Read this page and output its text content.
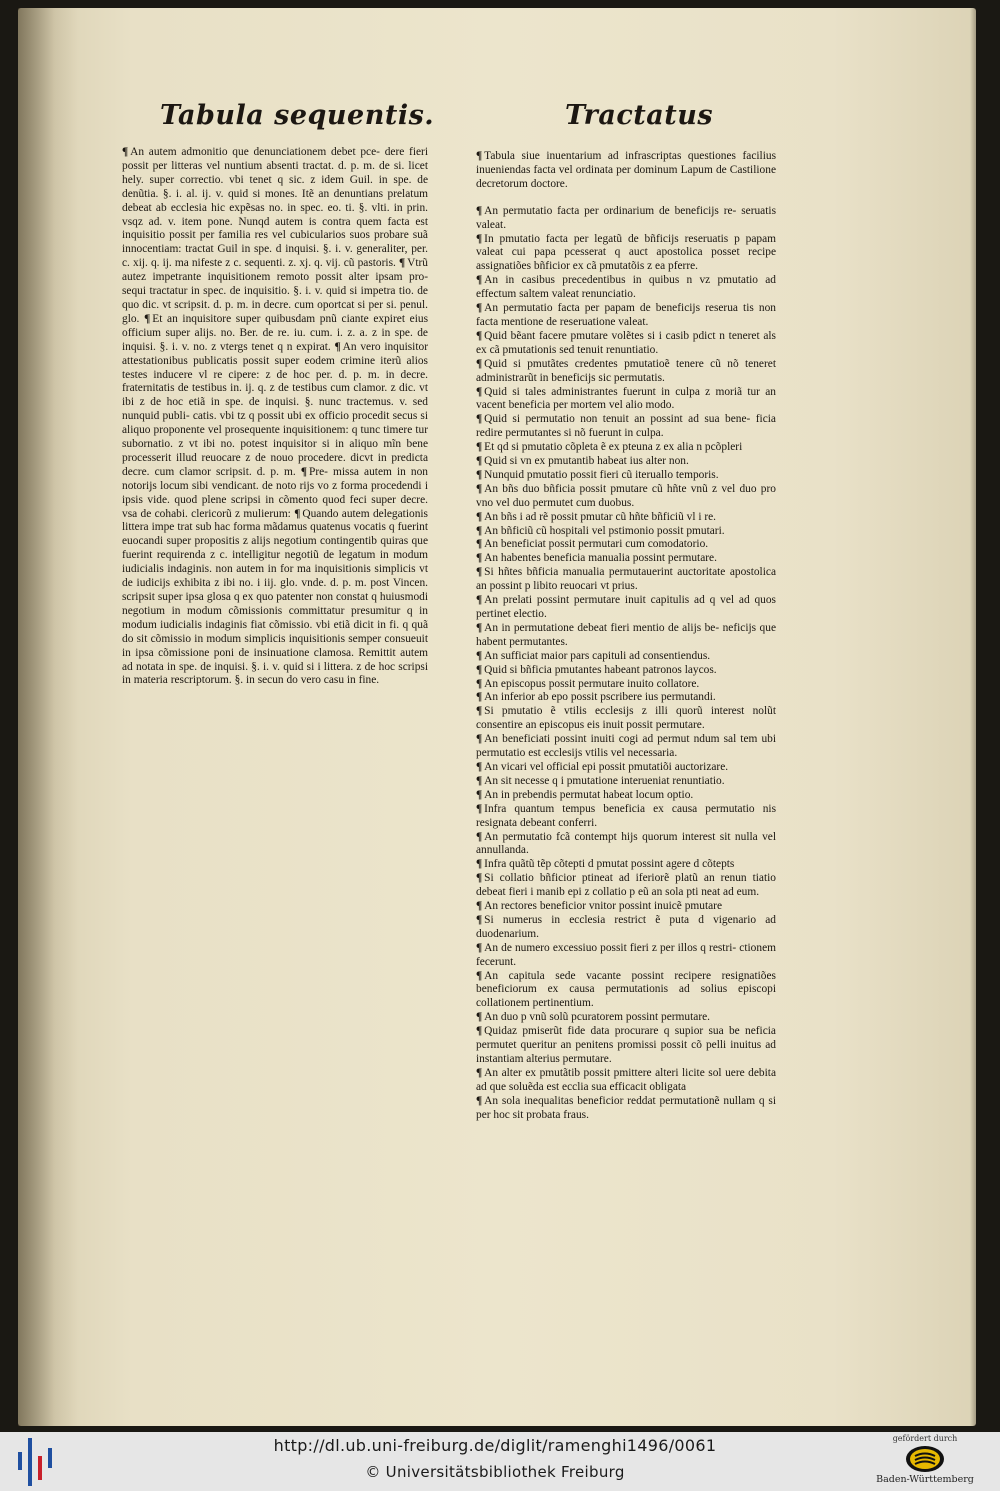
Tabula sequentis.	Tractatus

¶ An autem admonitio que denunciationem debet pce- dere fieri possit per litteras vel nuntium absenti tractat. d. p. m. de si. licet hely. super correctio. vbi tenet q sic. z idem Guil. in spe. de denũtia. §. i. al. ij. v. quid si mones. Itẽ an denuntians prelatum debeat ab ecclesia hic expẽsas no. in spec. eo. ti. §. vlti. in prin. vsqz ad. v. item pone. Nunqd autem is contra quem facta est inquisitio possit per familia res vel cubicularios suos probare suã innocentiam: tractat Guil in spe. d inquisi. §. i. v. generaliter, per. c. xij. q. ij. ma nifeste z c. sequenti. z. xj. q. vij. cũ pastoris. ¶ Vtrũ autez impetrante inquisitionem remoto possit alter ipsam pro- sequi tractatur in spec. de inquisitio. §. i. v. quid si impetra tio. de quo dic. vt scripsit. d. p. m. in decre. cum oportcat si per si. penul. glo. ¶ Et an inquisitore super quibusdam pnũ ciante expiret eius officium super alijs. no. Ber. de re. iu. cum. i. z. a. z in spe. de inquisi. §. i. v. no. z vtergs tenet q n expirat. ¶ An vero inquisitor attestationibus publicatis possit super eodem crimine iterũ alios testes inducere vl re cipere: z de hoc per. d. p. m. in decre. fraternitatis de testibus in. ij. q. z de testibus cum clamor. z dic. vt ibi z de hoc etiã in spe. de inquisi. §. nunc tractemus. v. sed nunquid publi- catis. vbi tz q possit ubi ex officio procedit secus si aliquo proponente vel prosequente inquisitionem: q tunc timere tur subornatio. z vt ibi no. potest inquisitor si in aliquo mĩn bene processerit illud reuocare z de nouo procedere. dicvt in predicta decre. cum clamor scripsit. d. p. m. ¶ Pre- missa autem in non notorijs locum sibi vendicant. de noto rijs vo z forma procedendi i ipsis vide. quod plene scripsi in cõmento quod feci super decre. vsa de cohabi. clericorũ z mulierum: ¶ Quando autem delegationis littera impe trat sub hac forma mãdamus quatenus vocatis q fuerint euocandi super propositis z alijs negotium contingentib quiras que fuerint requirenda z c. intelligitur negotiũ de legatum in modum iudicialis indaginis. non autem in for ma inquisitionis simplicis vt de iudicijs exhibita z ibi no. i iij. glo. vnde. d. p. m. post Vincen. scripsit super ipsa glosa q ex quo patenter non constat q huiusmodi negotium in modum cõmissionis committatur presumitur q in modum iudicialis indaginis fiat cõmissio. vbi etiã dicit in fi. q quã do sit cõmissio in modum simplicis inquisitionis semper consueuit in ipsa cõmissione poni de insinuatione clamosa. Remittit autem ad notata in spe. de inquisi. §. i. v. quid si i littera. z de hoc scripsi in materia rescriptorum. §. in secun do vero casu in fine.

¶ Tabula siue inuentarium ad infrascriptas questiones facilius inueniendas facta vel ordinata per dominum Lapum de Castilione decretorum doctore.

¶ An permutatio facta per ordinarium de beneficijs re- seruatis valeat.

¶ In pmutatio facta per legatũ de bñficijs reseruatis p papam valeat cui papa pcesserat q auct apostolica posset recipe assignatiões bñficior ex cã pmutatõis z ea pferre.

¶ An in casibus precedentibus in quibus n vz pmutatio ad effectum saltem valeat renunciatio.

¶ An permutatio facta per papam de beneficijs reserua tis non facta mentione de reseruatione valeat.

¶ Quid bẽant facere pmutare volẽtes si i casib pdict n teneret als ex cã pmutationis sed tenuit renuntiatio.

¶ Quid si pmutãtes credentes pmutatioẽ tenere cũ nõ teneret administrarũt in beneficijs sic permutatis.

¶ Quid si tales administrantes fuerunt in culpa z moriã tur an vacent beneficia per mortem vel alio modo.

¶ Quid si permutatio non tenuit an possint ad sua bene- ficia redire permutantes si nõ fuerunt in culpa.

¶ Et qd si pmutatio cõpleta ẽ ex pteuna z ex alia n pcõpleri

¶ Quid si vn ex pmutantib habeat ius alter non.

¶ Nunquid pmutatio possit fieri cũ iteruallo temporis.

¶ An bñs duo bñficia possit pmutare cũ hñte vnũ z vel duo pro vno vel duo permutet cum duobus.

¶ An bñs i ad rẽ possit pmutar cũ hñte bñficiũ vl i re.

¶ An bñficiũ cũ hospitali vel pstimonio possit pmutari.

¶ An beneficiat possit permutari cum comodatorio.

¶ An habentes beneficia manualia possint permutare.

¶ Si hñtes bñficia manualia permutauerint auctoritate apostolica an possint p libito reuocari vt prius.

¶ An prelati possint permutare inuit capitulis ad q vel ad quos pertinet electio.

¶ An in permutatione debeat fieri mentio de alijs be- neficijs que habent permutantes.

¶ An sufficiat maior pars capituli ad consentiendus.

¶ Quid si bñficia pmutantes habeant patronos laycos.

¶ An episcopus possit permutare inuito collatore.

¶ An inferior ab epo possit pscribere ius permutandi.

¶ Si pmutatio ẽ vtilis ecclesijs z illi quorũ interest nolũt consentire an episcopus eis inuit possit permutare.

¶ An beneficiati possint inuiti cogi ad permut ndum sal tem ubi permutatio est ecclesijs vtilis vel necessaria.

¶ An vicari vel official epi possit pmutatiõi auctorizare.

¶ An sit necesse q i pmutatione interueniat renuntiatio.

¶ An in prebendis permutat habeat locum optio.

¶ Infra quantum tempus beneficia ex causa permutatio nis resignata debeant conferri.

¶ An permutatio fcã contempt hijs quorum interest sit nulla vel annullanda.

¶ Infra quãtũ tẽp cõtepti d pmutat possint agere d cõtepts

¶ Si collatio bñficior ptineat ad iferiorẽ platũ an renun tiatio debeat fieri i manib epi z collatio p eũ an sola pti neat ad eum.

¶ An rectores beneficior vnitor possint inuicẽ pmutare

¶ Si numerus in ecclesia restrict ẽ puta d vigenario ad duodenarium.

¶ An de numero excessiuo possit fieri z per illos q restri- ctionem fecerunt.

¶ An capitula sede vacante possint recipere resignatiões beneficiorum ex causa permutationis ad solius episcopi collationem pertinentium.

¶ An duo p vnũ solũ pcuratorem possint permutare.

¶ Quidaz pmiserũt fide data procurare q supior sua be neficia permutet queritur an penitens promissi possit cõ pelli inuitus ad instantiam alterius permutare.

¶ An alter ex pmutãtib possit pmittere alteri licite sol uere debita ad que soluẽda est ecclia sua efficacit obligata

¶ An sola inequalitas beneficior reddat permutationẽ nullam q si per hoc sit probata fraus.

http://dl.ub.uni-freiburg.de/diglit/ramenghi1496/0061
© Universitätsbibliothek Freiburg
gefördert durch
Baden-Württemberg
